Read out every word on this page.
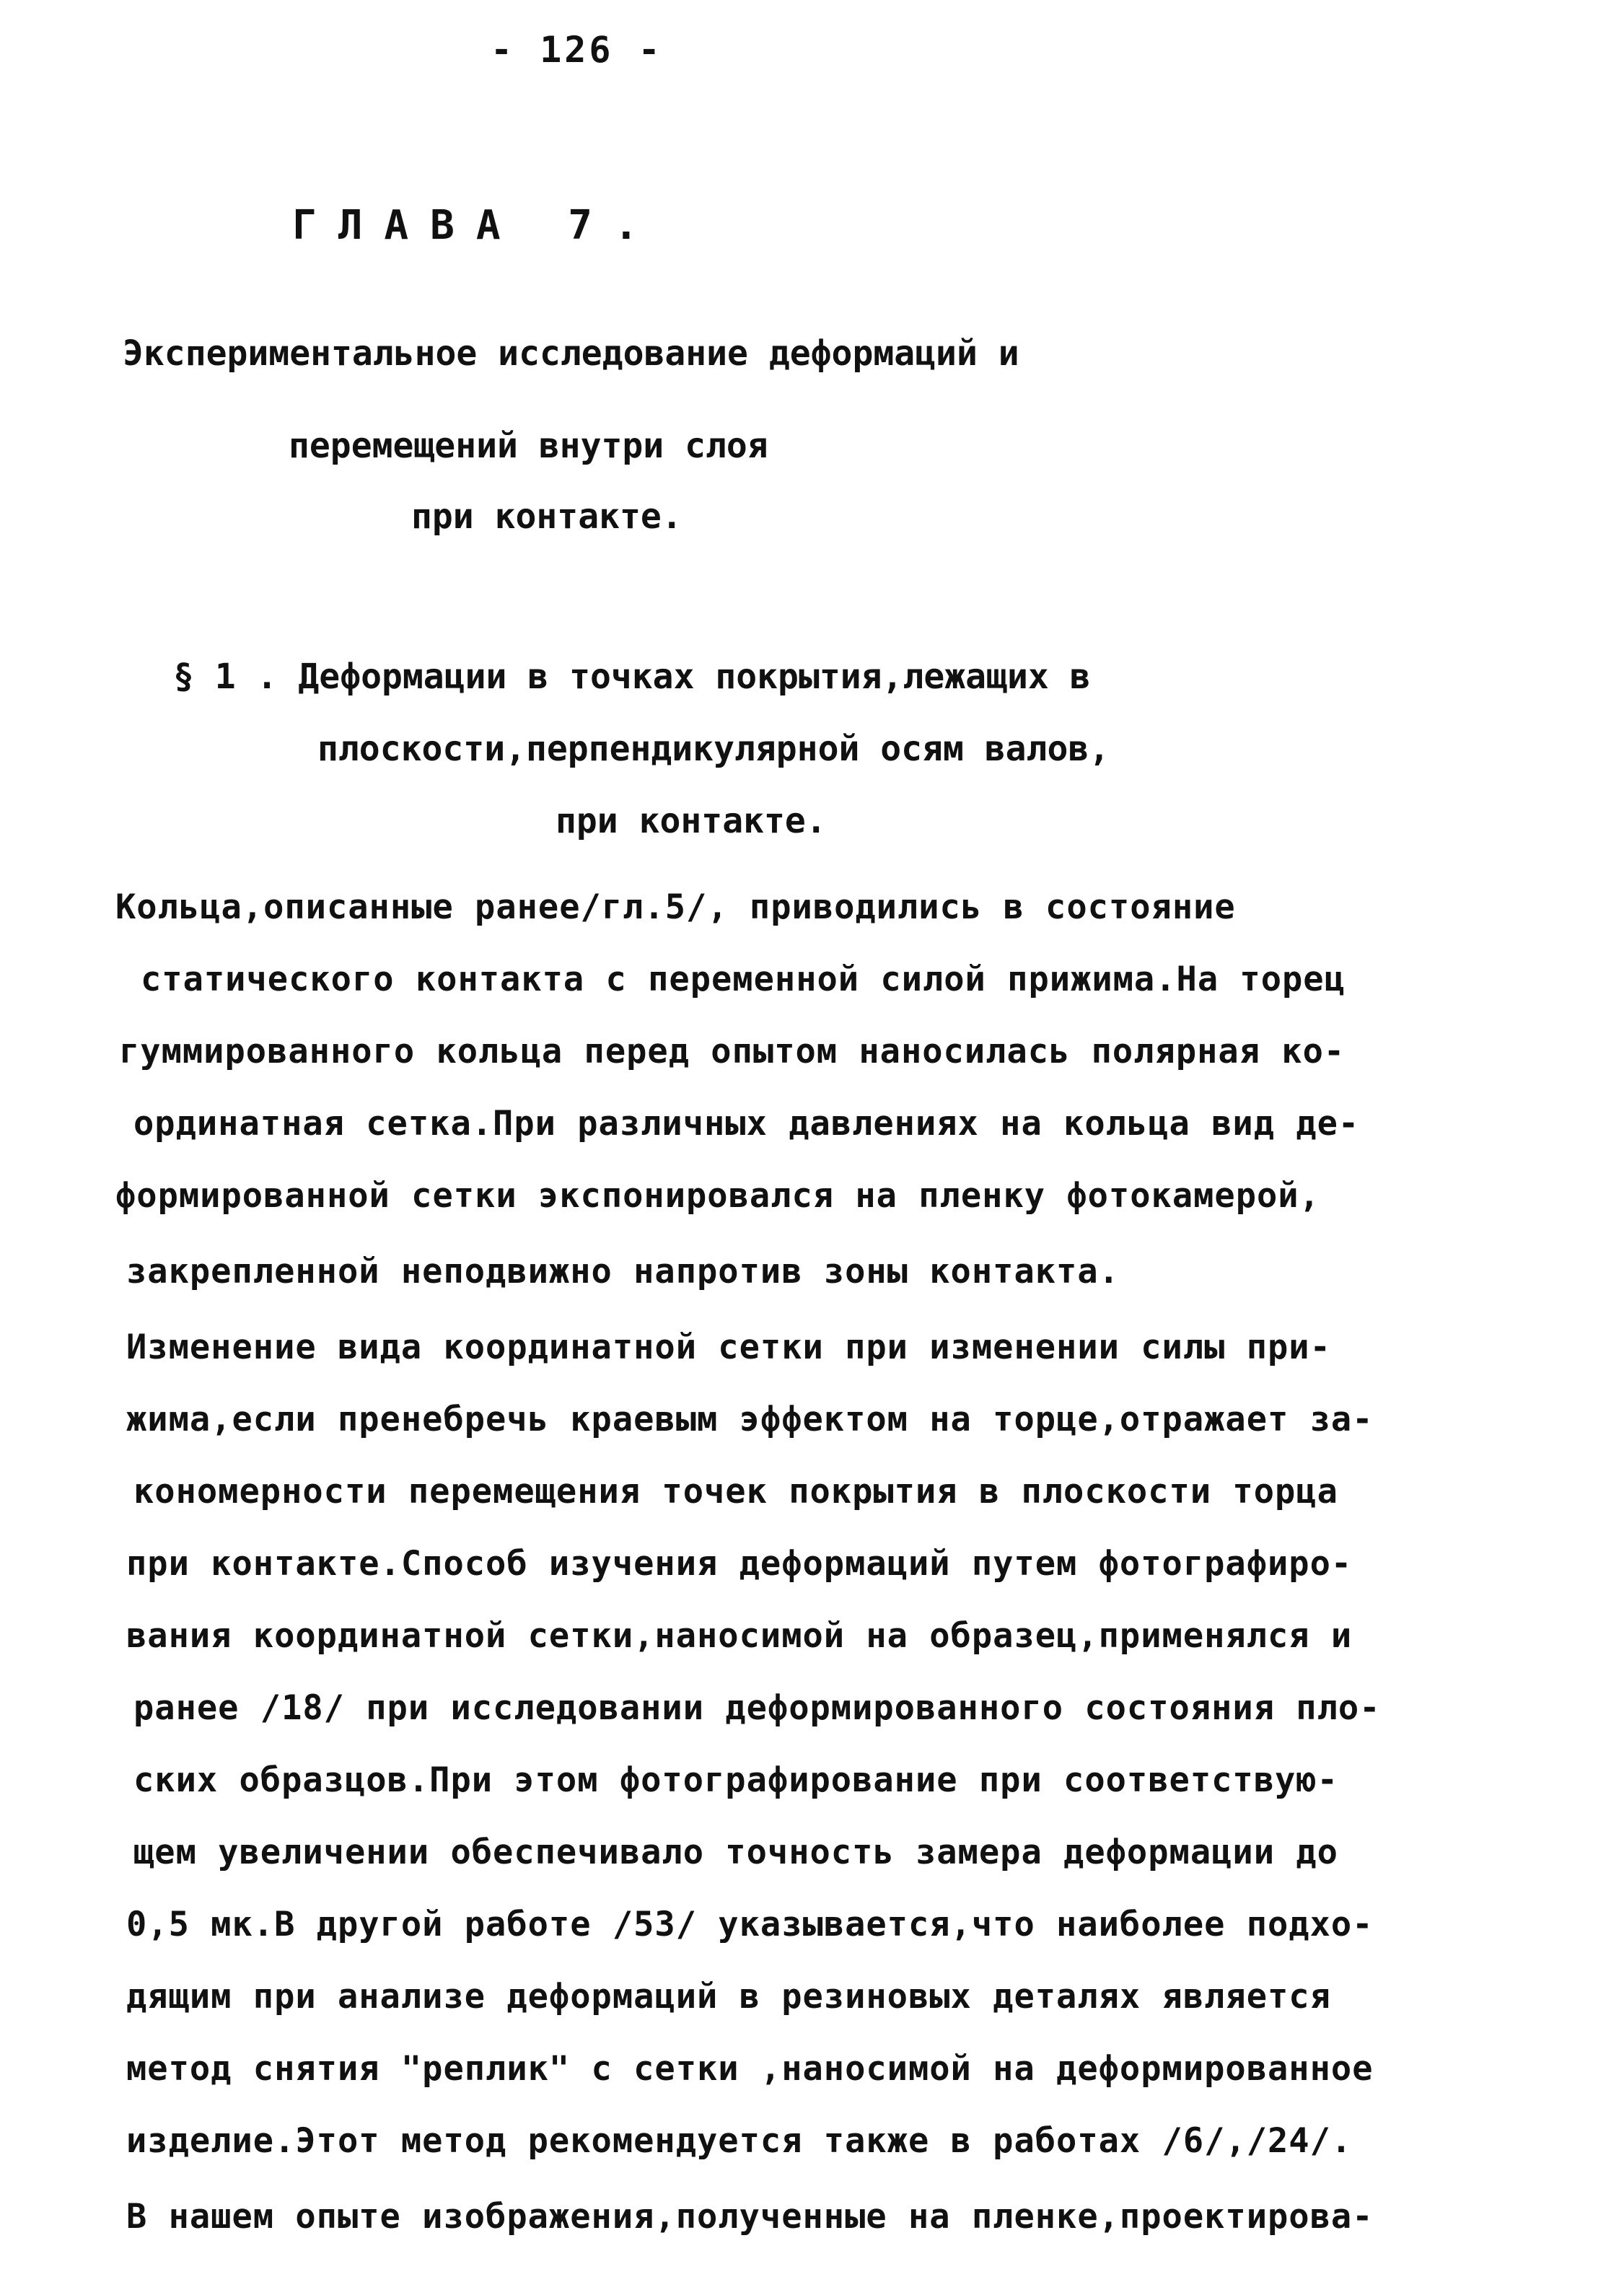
- 126 -
ГЛАВА 7.
Экспериментальное исследование деформаций и
перемещений внутри слоя
при контакте.
§ 1 . Деформации в точках покрытия,лежащих в
плоскости,перпендикулярной осям валов,
при контакте.
Кольца,описанные ранее/гл.5/, приводились в состояние
статического контакта с переменной силой прижима.На торец
гуммированного кольца перед опытом наносилась полярная ко-
ординатная сетка.При различных давлениях на кольца вид де-
формированной сетки экспонировался на пленку фотокамерой,
закрепленной неподвижно напротив зоны контакта.
Изменение вида координатной сетки при изменении силы при-
жима,если пренебречь краевым эффектом на торце,отражает за-
кономерности перемещения точек покрытия в плоскости торца
при контакте.Способ изучения деформаций путем фотографиро-
вания координатной сетки,наносимой на образец,применялся и
ранее /18/ при исследовании деформированного состояния пло-
ских образцов.При этом фотографирование при соответствую-
щем увеличении обеспечивало точность замера деформации до
0,5 мк.В другой работе /53/ указывается,что наиболее подхо-
дящим при анализе деформаций в резиновых деталях является
метод снятия "реплик" с сетки ,наносимой на деформированное
изделие.Этот метод рекомендуется также в работах /6/,/24/.
В нашем опыте изображения,полученные на пленке,проектирова-
